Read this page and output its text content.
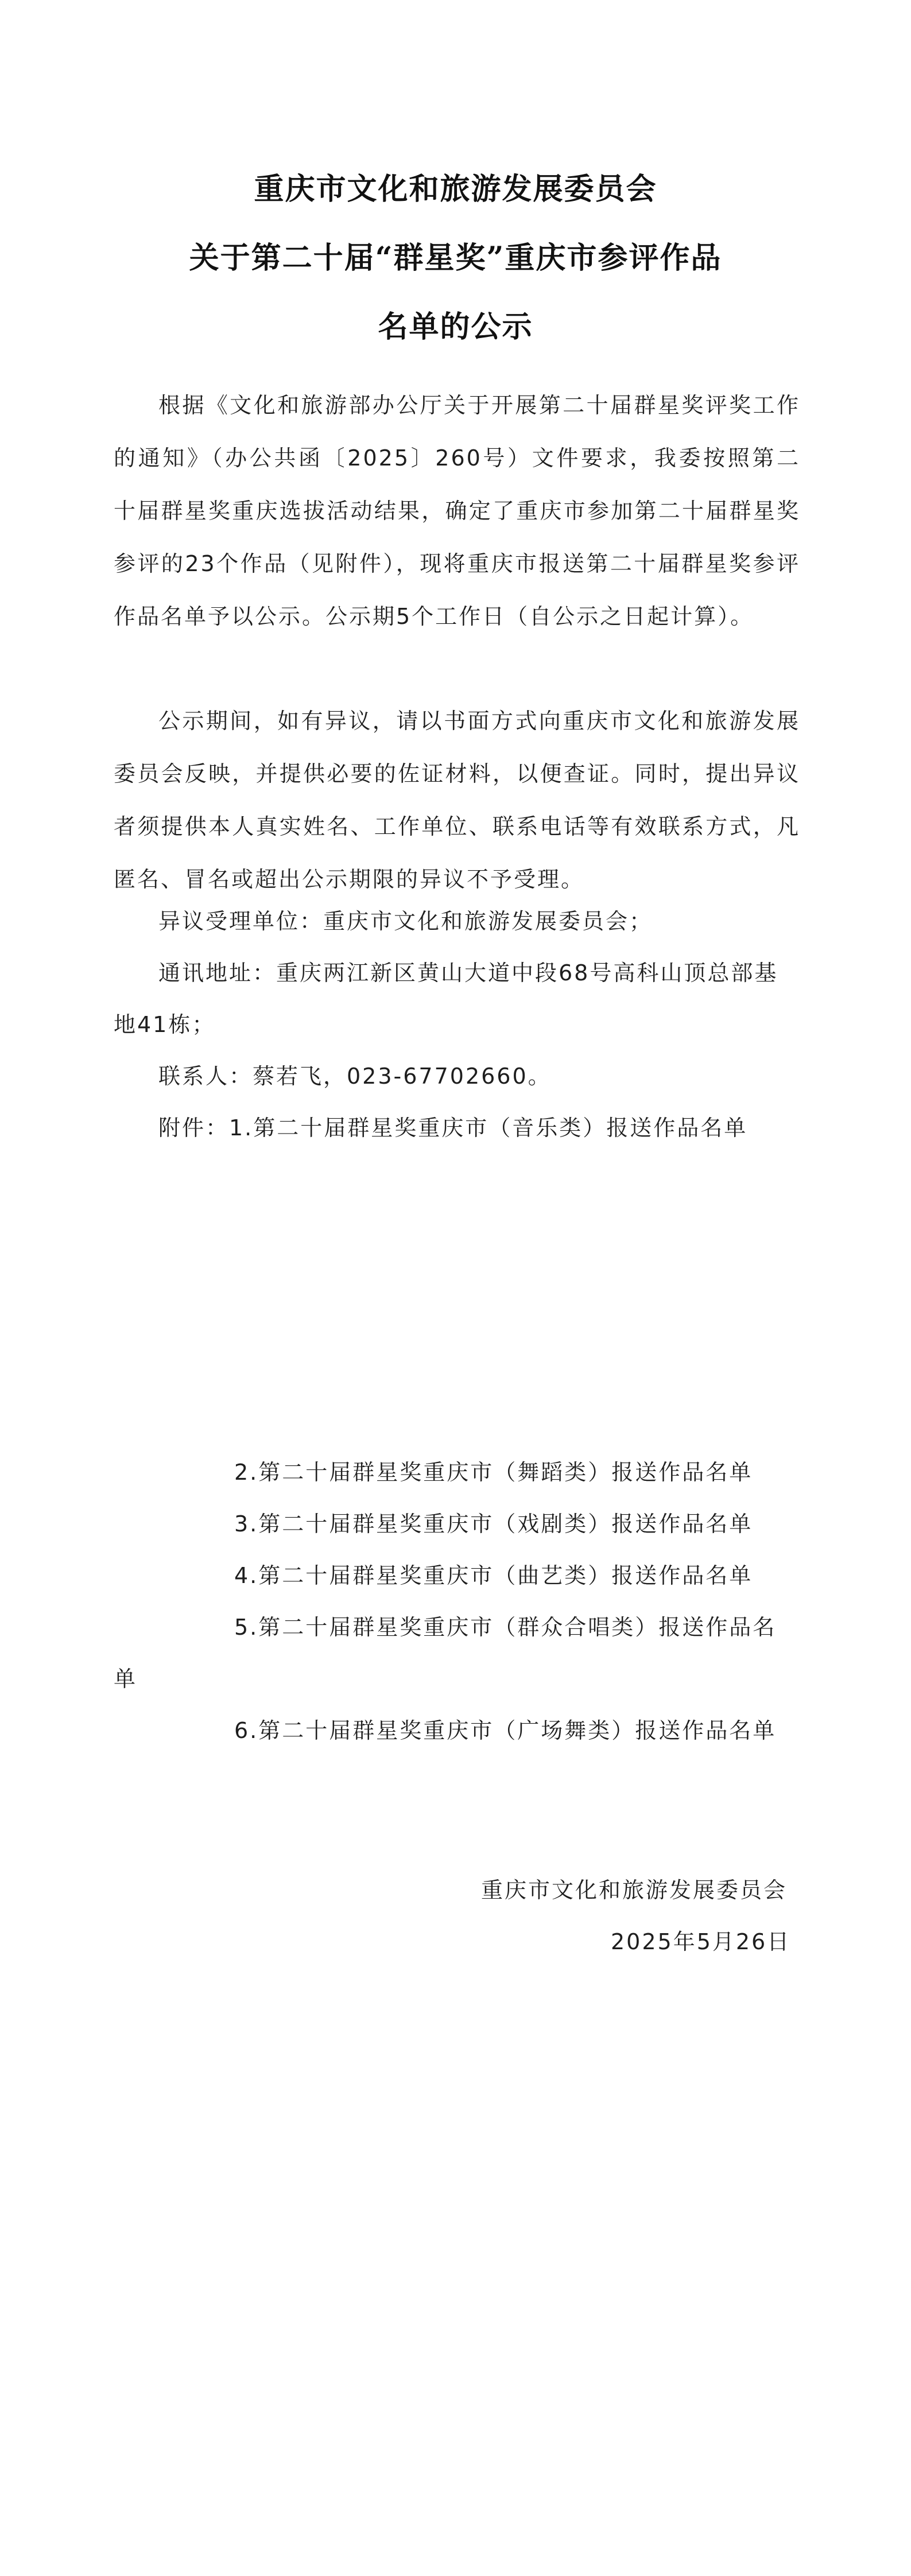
重庆市文化和旅游发展委员会
关于第二十届“群星奖”重庆市参评作品
名单的公示

根据《文化和旅游部办公厅关于开展第二十届群星奖评奖工作的通知》（办公共函〔2025〕260号）文件要求，我委按照第二十届群星奖重庆选拔活动结果，确定了重庆市参加第二十届群星奖参评的23个作品（见附件），现将重庆市报送第二十届群星奖参评作品名单予以公示。公示期5个工作日（自公示之日起计算）。

公示期间，如有异议，请以书面方式向重庆市文化和旅游发展委员会反映，并提供必要的佐证材料，以便查证。同时，提出异议者须提供本人真实姓名、工作单位、联系电话等有效联系方式，凡匿名、冒名或超出公示期限的异议不予受理。

异议受理单位：重庆市文化和旅游发展委员会；
通讯地址：重庆两江新区黄山大道中段68号高科山顶总部基
地41栋；
联系人：蔡若飞，023-67702660。
附件：1.第二十届群星奖重庆市（音乐类）报送作品名单
2.第二十届群星奖重庆市（舞蹈类）报送作品名单
3.第二十届群星奖重庆市（戏剧类）报送作品名单
4.第二十届群星奖重庆市（曲艺类）报送作品名单
5.第二十届群星奖重庆市（群众合唱类）报送作品名
单
6.第二十届群星奖重庆市（广场舞类）报送作品名单
重庆市文化和旅游发展委员会
2025年5月26日
